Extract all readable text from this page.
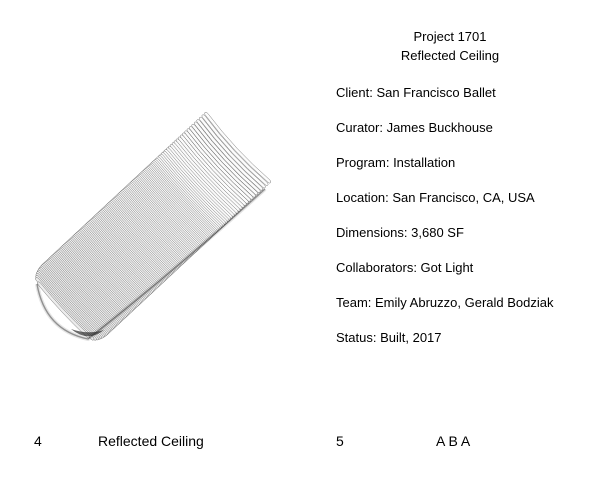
Project 1701
Reflected Ceiling
Client: San Francisco Ballet
Curator: James Buckhouse
Program: Installation
Location: San Francisco, CA, USA
Dimensions: 3,680 SF
Collaborators: Got Light
Team: Emily Abruzzo, Gerald Bodziak
Status: Built, 2017
4	Reflected Ceiling	5	A B A
